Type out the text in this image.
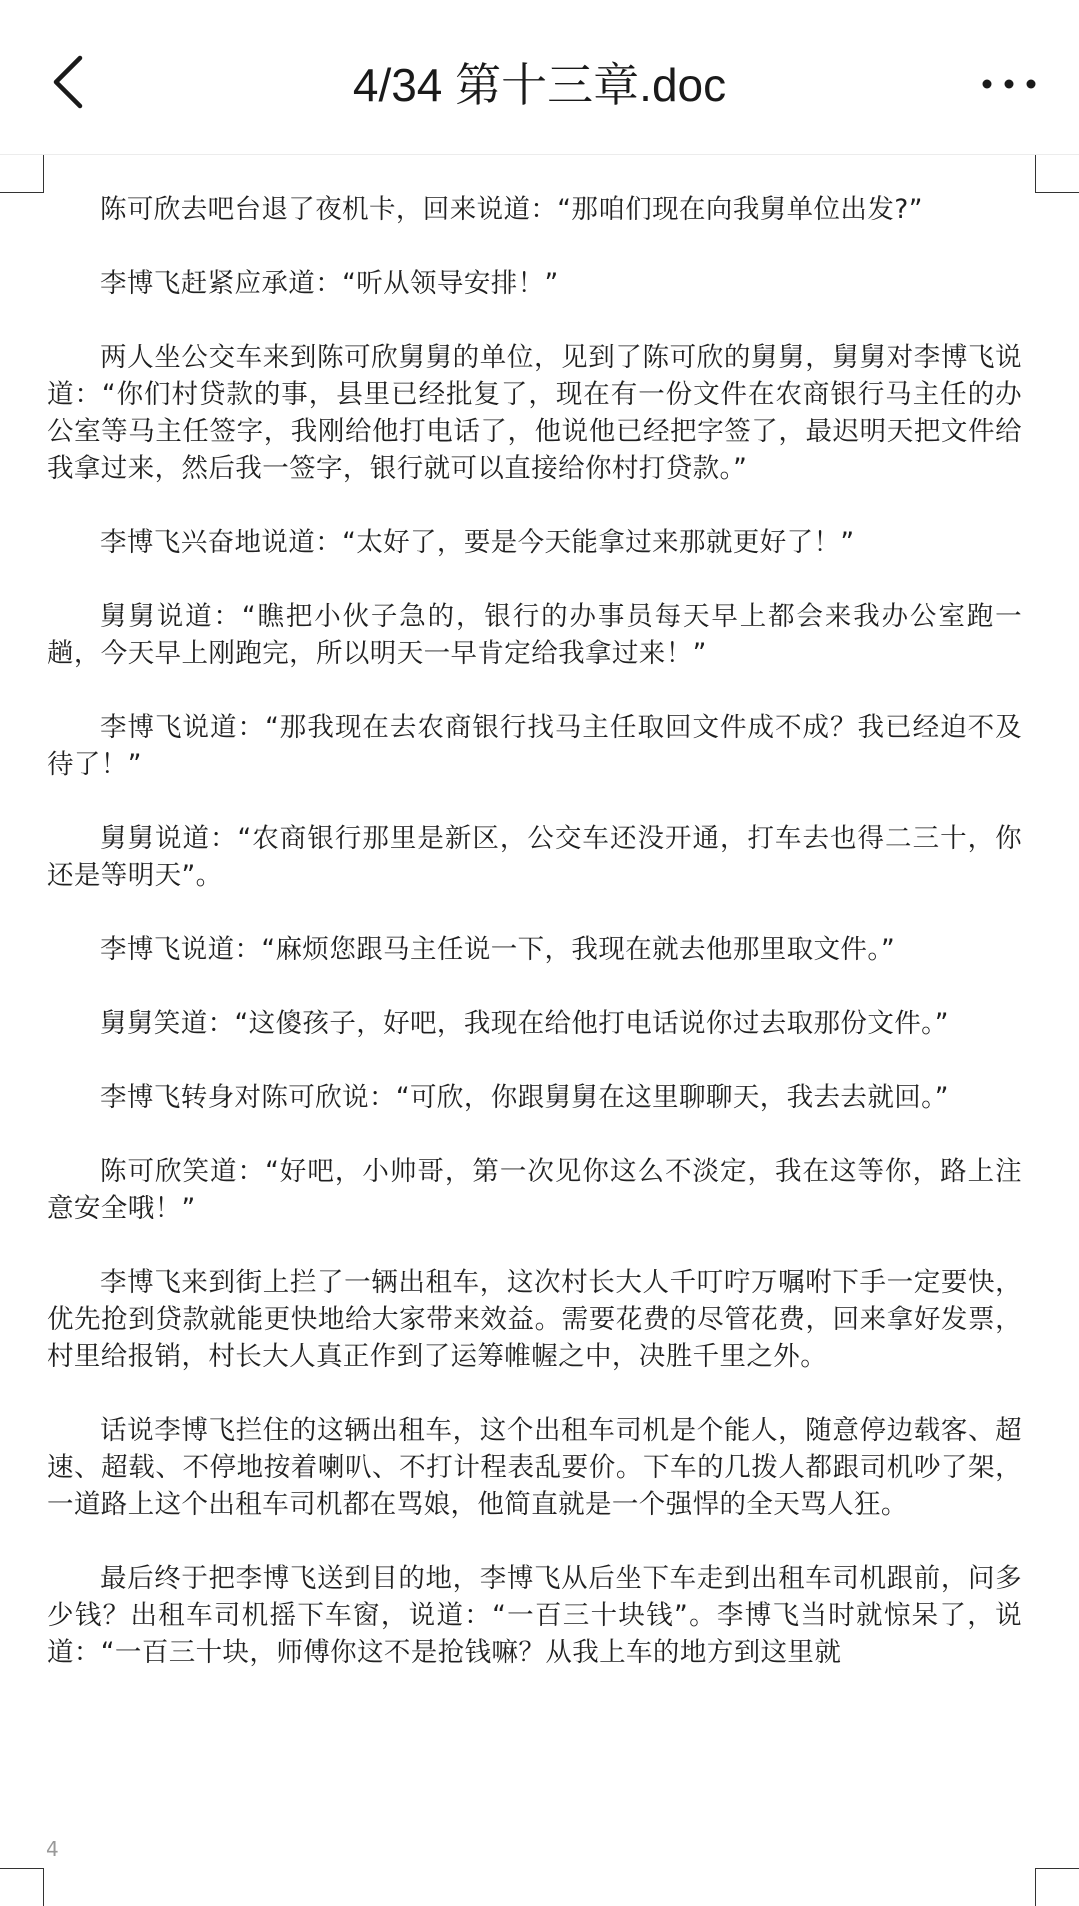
4/34 第十三章.doc

陈可欣去吧台退了夜机卡，回来说道：“那咱们现在向我舅单位出发?”

李博飞赶紧应承道：“听从领导安排！”

两人坐公交车来到陈可欣舅舅的单位，见到了陈可欣的舅舅，舅舅对李博飞说道：“你们村贷款的事，县里已经批复了，现在有一份文件在农商银行马主任的办公室等马主任签字，我刚给他打电话了，他说他已经把字签了，最迟明天把文件给我拿过来，然后我一签字，银行就可以直接给你村打贷款。”

李博飞兴奋地说道：“太好了，要是今天能拿过来那就更好了！”

舅舅说道：“瞧把小伙子急的，银行的办事员每天早上都会来我办公室跑一趟，今天早上刚跑完，所以明天一早肯定给我拿过来！”

李博飞说道：“那我现在去农商银行找马主任取回文件成不成？我已经迫不及待了！”

舅舅说道：“农商银行那里是新区，公交车还没开通，打车去也得二三十，你还是等明天”。

李博飞说道：“麻烦您跟马主任说一下，我现在就去他那里取文件。”

舅舅笑道：“这傻孩子，好吧，我现在给他打电话说你过去取那份文件。”

李博飞转身对陈可欣说：“可欣，你跟舅舅在这里聊聊天，我去去就回。”

陈可欣笑道：“好吧，小帅哥，第一次见你这么不淡定，我在这等你，路上注意安全哦！”

李博飞来到街上拦了一辆出租车，这次村长大人千叮咛万嘱咐下手一定要快，优先抢到贷款就能更快地给大家带来效益。需要花费的尽管花费，回来拿好发票，村里给报销，村长大人真正作到了运筹帷幄之中，决胜千里之外。

话说李博飞拦住的这辆出租车，这个出租车司机是个能人，随意停边载客、超速、超载、不停地按着喇叭、不打计程表乱要价。下车的几拨人都跟司机吵了架，一道路上这个出租车司机都在骂娘，他简直就是一个强悍的全天骂人狂。

最后终于把李博飞送到目的地，李博飞从后坐下车走到出租车司机跟前，问多少钱？出租车司机摇下车窗，说道：“一百三十块钱”。李博飞当时就惊呆了，说道：“一百三十块，师傅你这不是抢钱嘛？从我上车的地方到这里就

4
